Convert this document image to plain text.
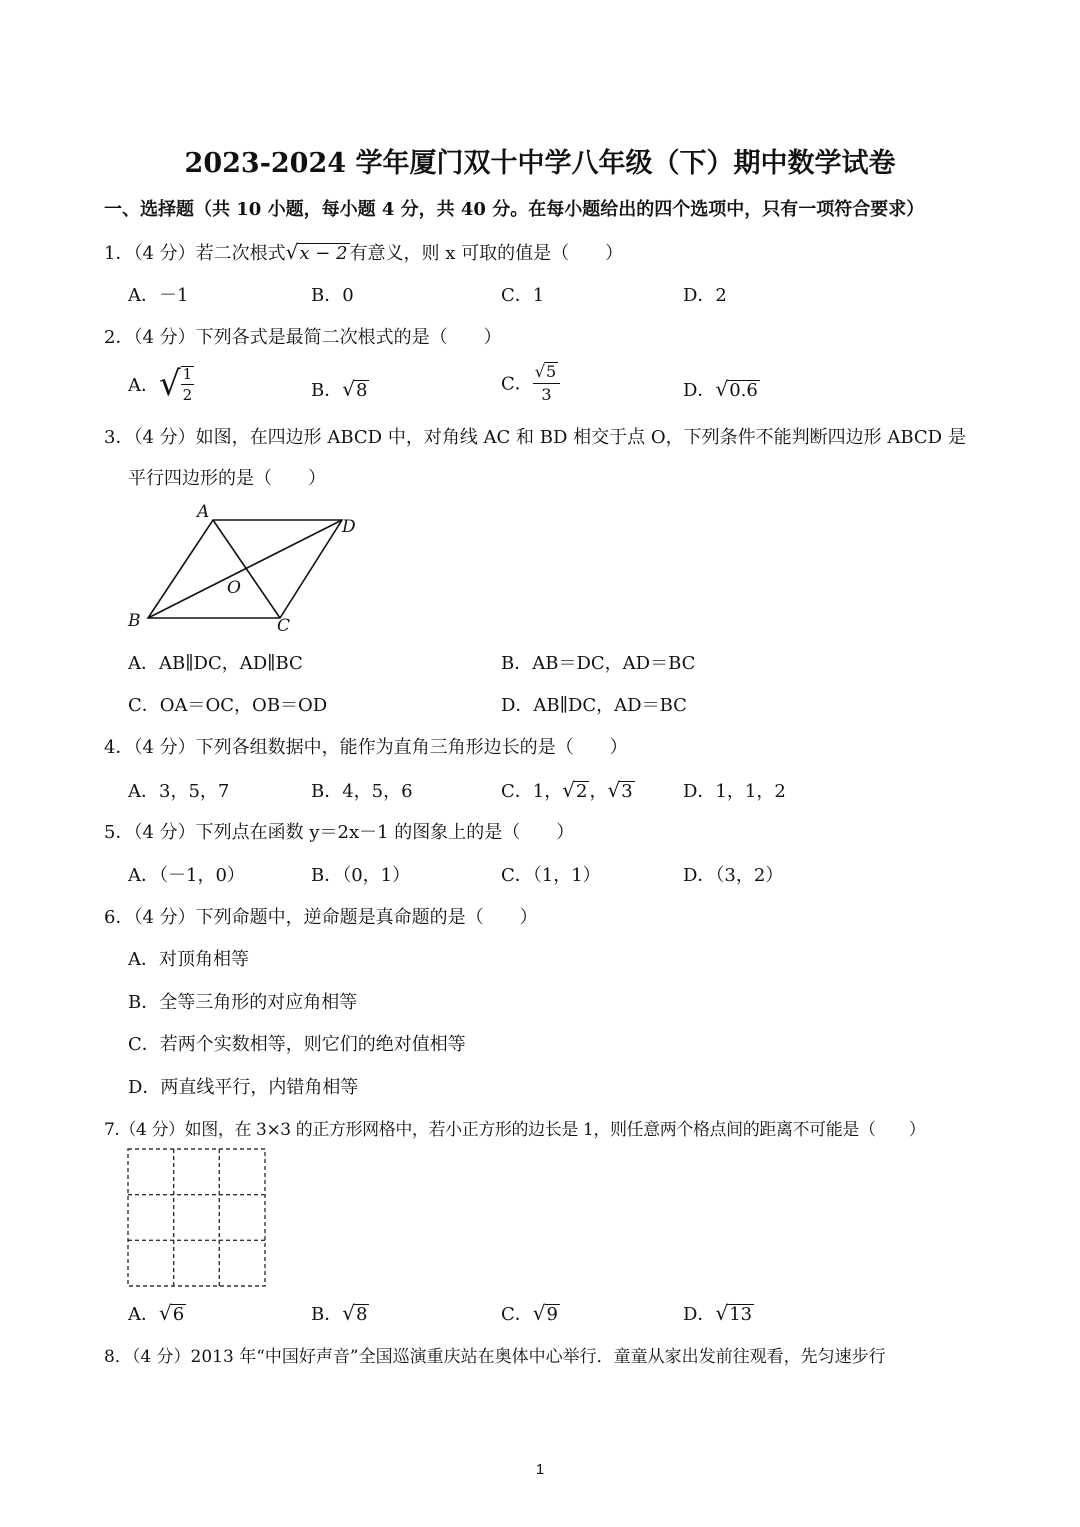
2023-2024 学年厦门双十中学八年级（下）期中数学试卷
一、选择题（共 10 小题，每小题 4 分，共 40 分。在每小题给出的四个选项中，只有一项符合要求）
1．（4 分）若二次根式√x − 2 有意义，则 x 可取的值是（　　）
A．－1	B．0	C．1	D．2
2．（4 分）下列各式是最简二次根式的是（　　）
A．√ $\frac{1}{2}$	B．√8	C． $\frac{√5}{3}$	D．√0.6
3．（4 分）如图，在四边形 ABCD 中，对角线 AC 和 BD 相交于点 O，下列条件不能判断四边形 ABCD 是
平行四边形的是（　　）
A
D
O
B	C
A．AB∥DC，AD∥BC	B．AB＝DC，AD＝BC
C．OA＝OC，OB＝OD	D．AB∥DC，AD＝BC
4．（4 分）下列各组数据中，能作为直角三角形边长的是（　　）
A．3，5，7	B．4，5，6	C．1，√2 ，√3	D．1，1，2
5．（4 分）下列点在函数 y＝2x－1 的图象上的是（　　）
A．（－1，0）	B．（0，1）	C．（1，1）	D．（3，2）
6．（4 分）下列命题中，逆命题是真命题的是（　　）
A．对顶角相等
B．全等三角形的对应角相等
C．若两个实数相等，则它们的绝对值相等
D．两直线平行，内错角相等
7.（4 分）如图，在 3×3 的正方形网格中，若小正方形的边长是 1，则任意两个格点间的距离不可能是（　　）
A．√6	B．√8	C．√9	D．√13
8．（4 分）2013 年“中国好声音”全国巡演重庆站在奥体中心举行．童童从家出发前往观看，先匀速步行
1
